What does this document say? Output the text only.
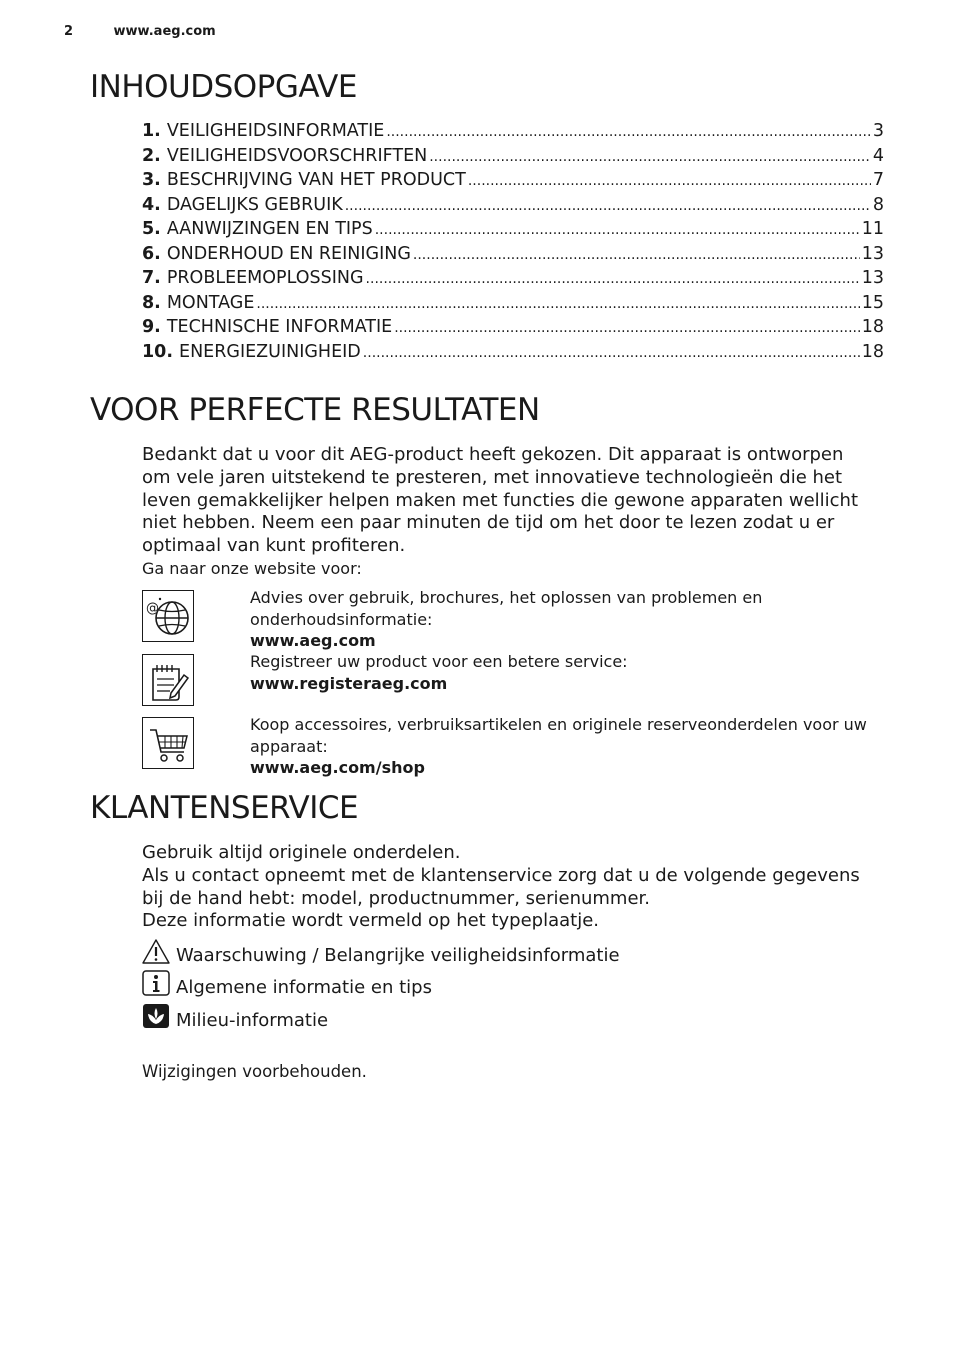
2	www.aeg.com
INHOUDSOPGAVE
1. VEILIGHEIDSINFORMATIE .....	3
2. VEILIGHEIDSVOORSCHRIFTEN .....	4
3. BESCHRIJVING VAN HET PRODUCT .....	7
4. DAGELIJKS GEBRUIK .....	8
5. AANWIJZINGEN EN TIPS .....	11
6. ONDERHOUD EN REINIGING .....	13
7. PROBLEEMOPLOSSING .....	13
8. MONTAGE .....	15
9. TECHNISCHE INFORMATIE .....	18
10. ENERGIEZUINIGHEID .....	18
VOOR PERFECTE RESULTATEN

Bedankt dat u voor dit AEG-product heeft gekozen. Dit apparaat is ontworpen om vele jaren uitstekend te presteren, met innovatieve technologieën die het leven gemakkelijker helpen maken met functies die gewone apparaten wellicht niet hebben. Neem een paar minuten de tijd om het door te lezen zodat u er optimaal van kunt profiteren.

Ga naar onze website voor:

@
Advies over gebruik, brochures, het oplossen van problemen en onderhoudsinformatie:
www.aeg.com
Registreer uw product voor een betere service:
www.registeraeg.com
Koop accessoires, verbruiksartikelen en originele reserveonderdelen voor uw apparaat:
www.aeg.com/shop
KLANTENSERVICE
Gebruik altijd originele onderdelen.
Als u contact opneemt met de klantenservice zorg dat u de volgende gegevens bij de hand hebt: model, productnummer, serienummer.
Deze informatie wordt vermeld op het typeplaatje.
Waarschuwing / Belangrijke veiligheidsinformatie
Algemene informatie en tips
Milieu-informatie

Wijzigingen voorbehouden.
